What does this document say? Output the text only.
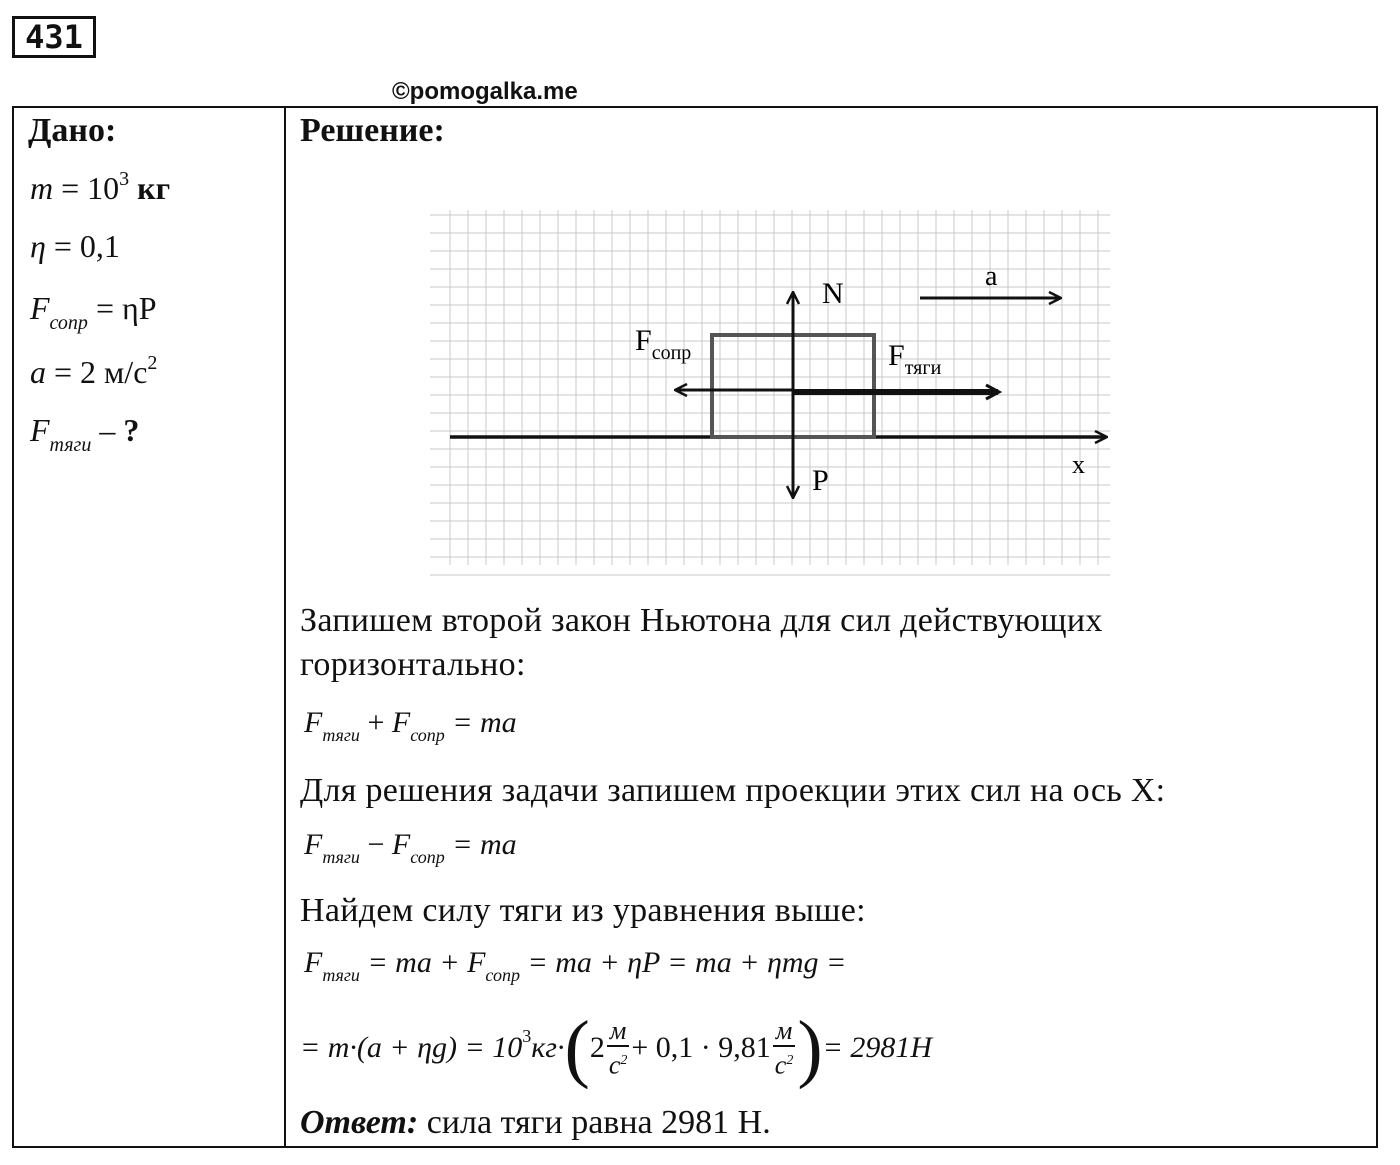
431
©pomogalka.me
Дано:
$m = 10^3$ кг
η = 0,1
$F_{сопр} = \eta P$
a = 2 $м/с^2$
$F_{тяги}$ – ?
Решение:
N
a
$F_{сопр}$	$F_{тяги}$
P	x
Запишем второй закон Ньютона для сил действующих
горизонтально:
$F_{тяги} + F_{сопр}$ = ma
Для решения задачи запишем проекции этих сил на ось X:
$F_{тяги} - F_{сопр}$ = ma
Найдем силу тяги из уравнения выше:
$F_{тяги}$ = ma + $F_{сопр}$ = ma + ηP = ma + ηmg =
= m·(a + ηg) = 10 3 кг· ( $2 \frac{м}{с^2} + 0,1 \cdot 9,81 \frac{м}{с^2}$ ) = 2981H
Ответ: сила тяги равна 2981 Н.
